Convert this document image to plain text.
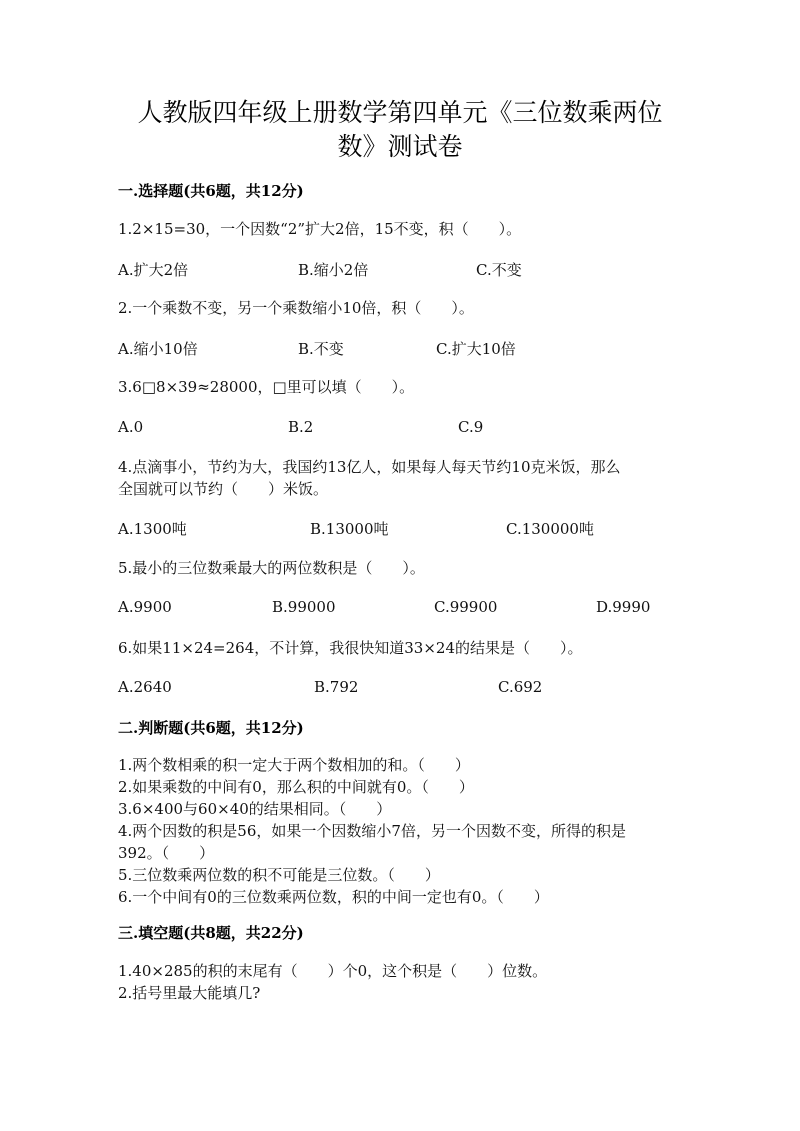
人教版四年级上册数学第四单元《三位数乘两位
数》测试卷
一.选择题(共6题，共12分)
1.2×15=30，一个因数“2”扩大2倍，15不变，积（　　）。
A.扩大2倍	B.缩小2倍	C.不变
2.一个乘数不变，另一个乘数缩小10倍，积（　　）。
A.缩小10倍	B.不变	C.扩大10倍
3.6□8×39≈28000，□里可以填（　　）。
A.0	B.2	C.9
4.点滴事小，节约为大，我国约13亿人，如果每人每天节约10克米饭，那么
全国就可以节约（　　）米饭。
A.1300吨	B.13000吨	C.130000吨
5.最小的三位数乘最大的两位数积是（　　）。
A.9900	B.99000	C.99900	D.9990
6.如果11×24=264，不计算，我很快知道33×24的结果是（　　）。
A.2640	B.792	C.692
二.判断题(共6题，共12分)
1.两个数相乘的积一定大于两个数相加的和。（　　）
2.如果乘数的中间有0，那么积的中间就有0。（　　）
3.6×400与60×40的结果相同。（　　）
4.两个因数的积是56，如果一个因数缩小7倍，另一个因数不变，所得的积是
392。（　　）
5.三位数乘两位数的积不可能是三位数。（　　）
6.一个中间有0的三位数乘两位数，积的中间一定也有0。（　　）
三.填空题(共8题，共22分)
1.40×285的积的末尾有（　　）个0，这个积是（　　）位数。
2.括号里最大能填几?
